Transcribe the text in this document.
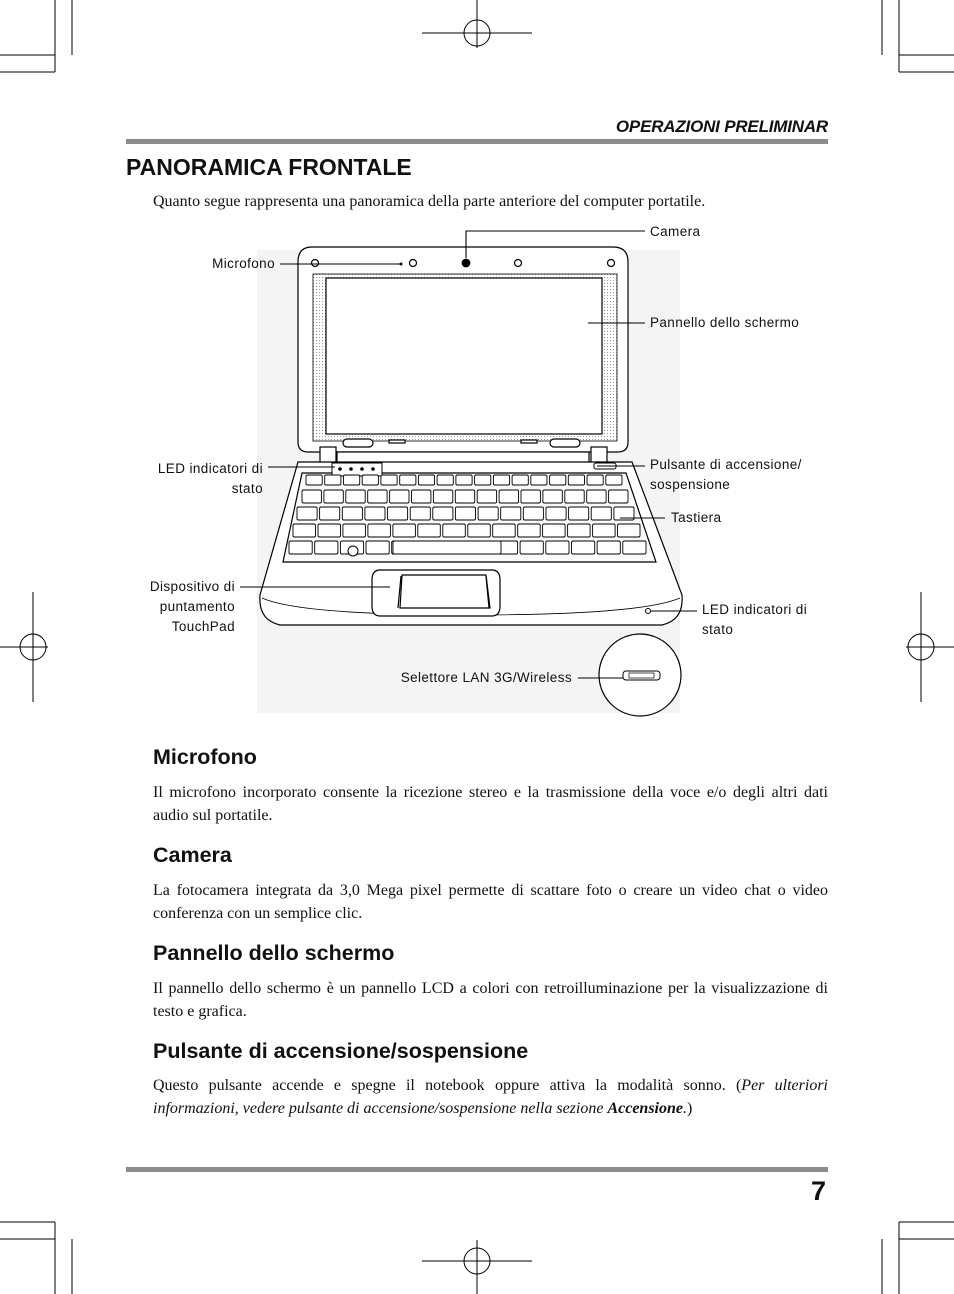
OPERAZIONI PRELIMINAR
PANORAMICA FRONTALE
Quanto segue rappresenta una panoramica della parte anteriore del computer portatile.
Microfono
Camera
Pannello dello schermo
LED indicatori di
stato
Pulsante di accensione/
sospensione
Tastiera
Dispositivo di
puntamento
TouchPad
LED indicatori di
stato
Selettore LAN 3G/Wireless
Microfono
Il microfono incorporato consente la ricezione stereo e la trasmissione della voce e/o degli altri dati audio sul portatile.
Camera
La fotocamera integrata da 3,0 Mega pixel permette di scattare foto o creare un video chat o video conferenza con un semplice clic.
Pannello dello schermo
Il pannello dello schermo è un pannello LCD a colori con retroilluminazione per la visualizzazione di testo e grafica.
Pulsante di accensione/sospensione
Questo pulsante accende e spegne il notebook oppure attiva la modalità sonno. (Per ulteriori informazioni, vedere pulsante di accensione/sospensione nella sezione Accensione.)
7
